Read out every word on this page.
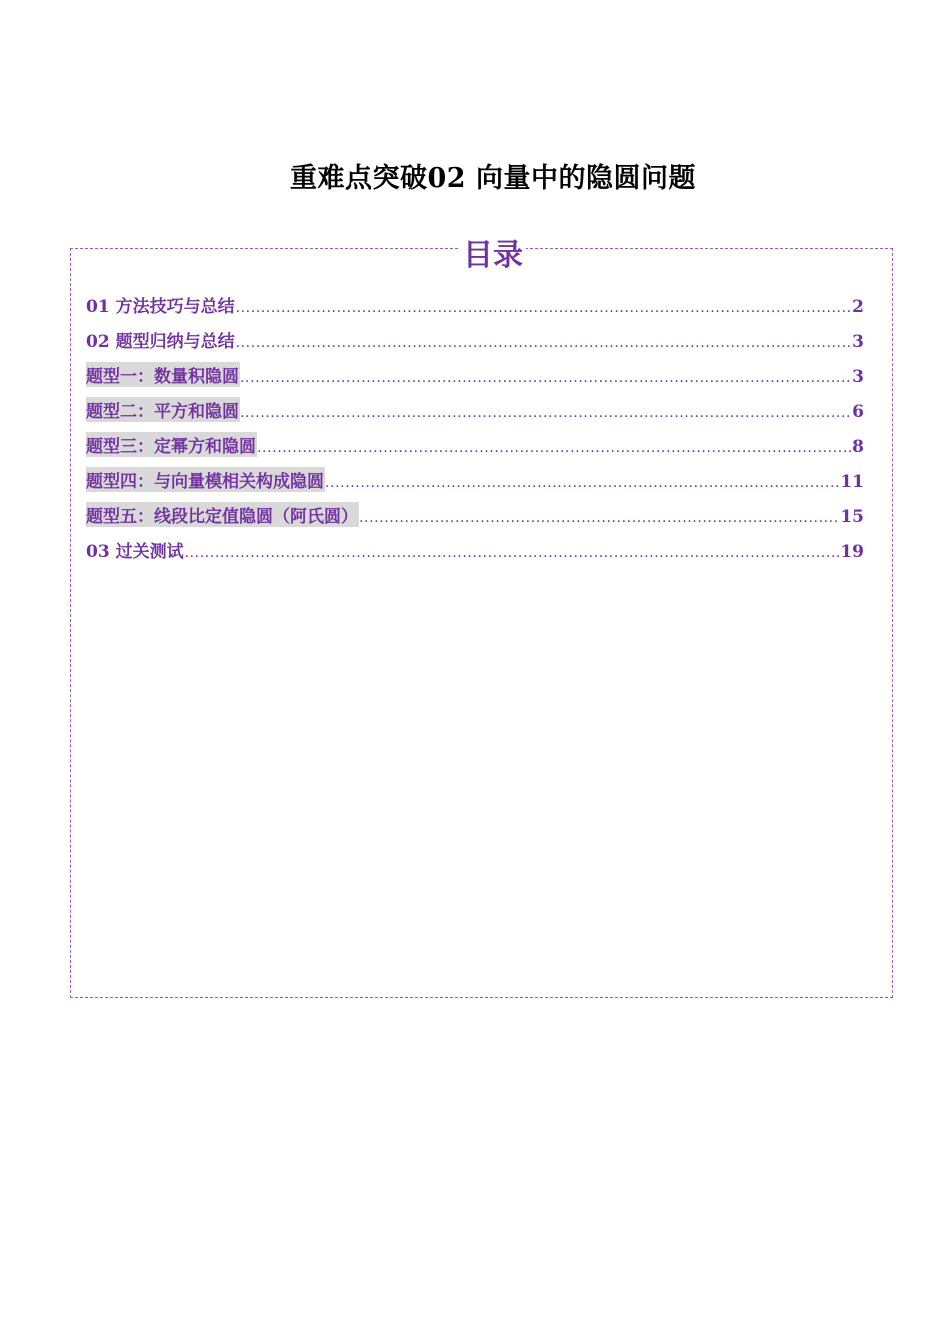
重难点突破02 向量中的隐圆问题
目录
01 方法技巧与总结 .....	2
02 题型归纳与总结 .....	3
题型一：数量积隐圆 .....	3
题型二：平方和隐圆 .....	6
题型三：定幂方和隐圆 .....	8
题型四：与向量模相关构成隐圆 .....	11
题型五：线段比定值隐圆（阿氏圆） .....	15
03 过关测试 .....	19
